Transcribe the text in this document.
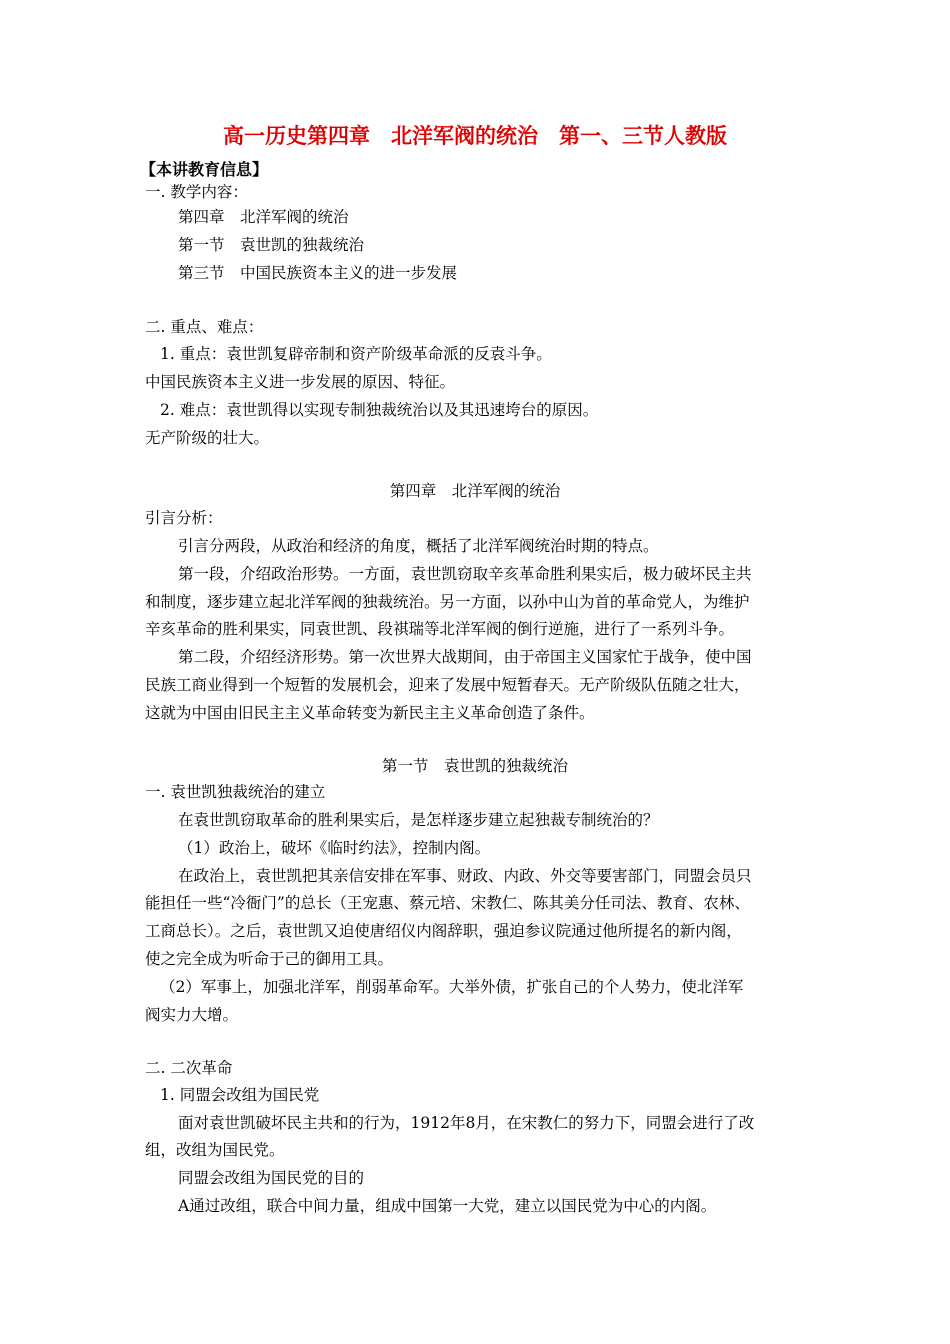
高一历史第四章　北洋军阀的统治　第一、三节人教版
【本讲教育信息】
一. 教学内容：
第四章　北洋军阀的统治
第一节　袁世凯的独裁统治
第三节　中国民族资本主义的进一步发展
二. 重点、难点：
1. 重点：袁世凯复辟帝制和资产阶级革命派的反袁斗争。
中国民族资本主义进一步发展的原因、特征。
2. 难点：袁世凯得以实现专制独裁统治以及其迅速垮台的原因。
无产阶级的壮大。
第四章　北洋军阀的统治
引言分析：
引言分两段，从政治和经济的角度，概括了北洋军阀统治时期的特点。
第一段，介绍政治形势。一方面，袁世凯窃取辛亥革命胜利果实后，极力破坏民主共
和制度，逐步建立起北洋军阀的独裁统治。另一方面，以孙中山为首的革命党人，为维护
辛亥革命的胜利果实，同袁世凯、段祺瑞等北洋军阀的倒行逆施，进行了一系列斗争。
第二段，介绍经济形势。第一次世界大战期间，由于帝国主义国家忙于战争，使中国
民族工商业得到一个短暂的发展机会，迎来了发展中短暂春天。无产阶级队伍随之壮大，
这就为中国由旧民主主义革命转变为新民主主义革命创造了条件。
第一节　袁世凯的独裁统治
一. 袁世凯独裁统治的建立
在袁世凯窃取革命的胜利果实后，是怎样逐步建立起独裁专制统治的？
（1）政治上，破坏《临时约法》，控制内阁。
在政治上，袁世凯把其亲信安排在军事、财政、内政、外交等要害部门，同盟会员只
能担任一些“冷衙门”的总长（王宠惠、蔡元培、宋教仁、陈其美分任司法、教育、农林、
工商总长）。之后，袁世凯又迫使唐绍仪内阁辞职，强迫参议院通过他所提名的新内阁，
使之完全成为听命于己的御用工具。
（2）军事上，加强北洋军，削弱革命军。大举外债，扩张自己的个人势力，使北洋军
阀实力大增。
二. 二次革命
1. 同盟会改组为国民党
面对袁世凯破坏民主共和的行为，1912年8月，在宋教仁的努力下，同盟会进行了改
组，改组为国民党。
同盟会改组为国民党的目的
A通过改组，联合中间力量，组成中国第一大党，建立以国民党为中心的内阁。
